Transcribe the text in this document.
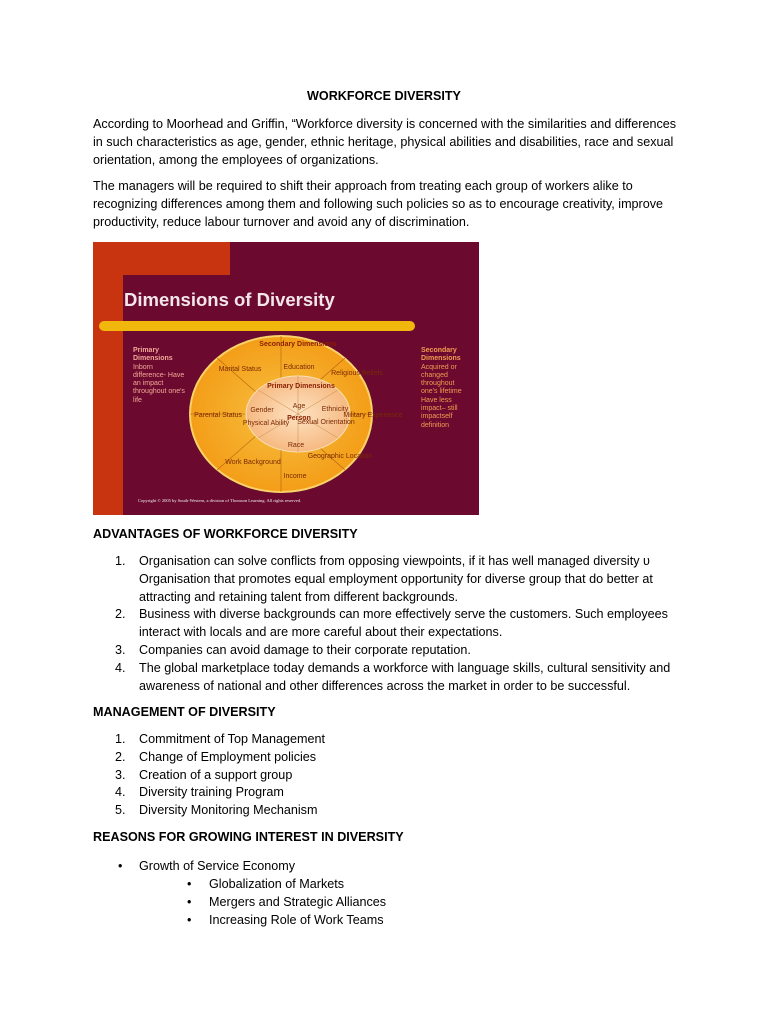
WORKFORCE DIVERSITY

According to Moorhead and Griffin, “Workforce diversity is concerned with the similarities and differences in such characteristics as age, gender, ethnic heritage, physical abilities and disabilities, race and sexual orientation, among the employees of organizations.

The managers will be required to shift their approach from treating each group of workers alike to recognizing differences among them and following such policies so as to encourage creativity, improve productivity, reduce labour turnover and avoid any of discrimination.

ADVANTAGES OF WORKFORCE DIVERSITY
1. Organisation can solve conflicts from opposing viewpoints, if it has well managed diversity υ Organisation that promotes equal employment opportunity for diverse group that do better at attracting and retaining talent from different backgrounds.
2. Business with diverse backgrounds can more effectively serve the customers. Such employees interact with locals and are more careful about their expectations.
3. Companies can avoid damage to their corporate reputation.
4. The global marketplace today demands a workforce with language skills, cultural sensitivity and awareness of national and other differences across the market in order to be successful.
MANAGEMENT OF DIVERSITY
1. Commitment of Top Management
2. Change of Employment policies
3. Creation of a support group
4. Diversity training Program
5. Diversity Monitoring Mechanism
REASONS FOR GROWING INTEREST IN DIVERSITY
• Growth of Service Economy
• Globalization of Markets
• Mergers and Strategic Alliances
• Increasing Role of Work Teams
Dimensions of Diversity
Primary Dimensions
Inborn difference- Have an impact throughout one's life
Secondary Dimensions
Acquired or changed throughout one's lifetime Have less impact– still impactself definition
Secondary Dimensions
Education
Religious Beliefs
Marital Status
Parental Status	Military Experience
Work Background
Geographic Location
Income
Primary Dimensions
Age
Gender	Ethnicity
Person
Physical Ability Sexual Orientation
Race
Copyright © 2005 by South-Western, a division of Thomson Learning. All rights reserved.
